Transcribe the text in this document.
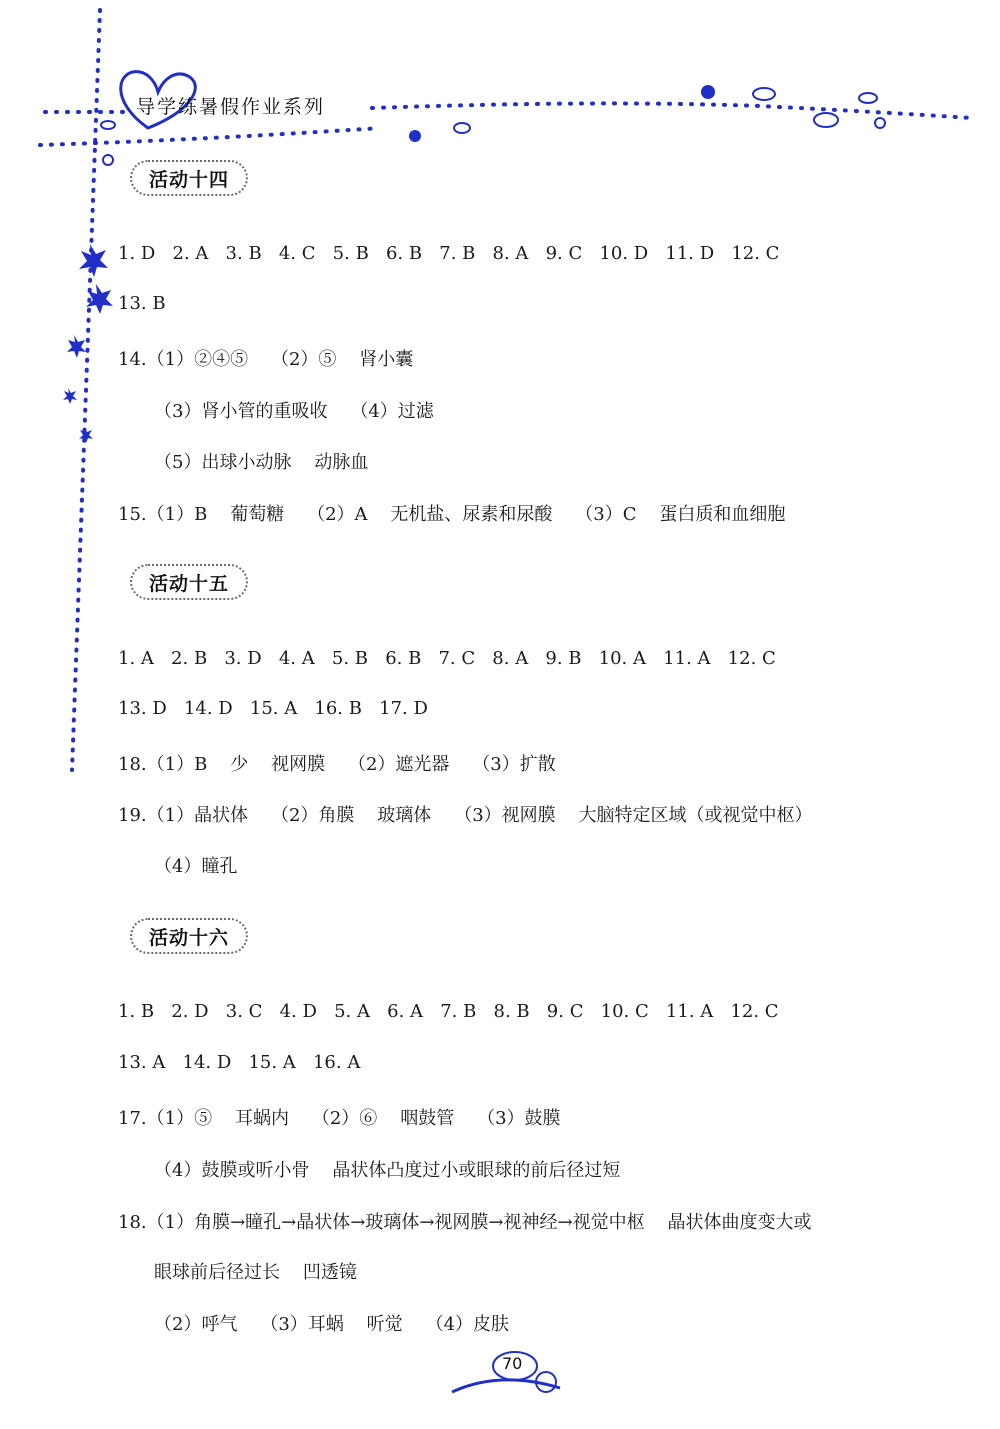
导学练暑假作业系列
活动十四
1. D   2. A   3. B   4. C   5. B   6. B   7. B   8. A   9. C   10. D   11. D   12. C
13. B
14.（1）②④⑤    （2）⑤    肾小囊
（3）肾小管的重吸收    （4）过滤
（5）出球小动脉    动脉血
15.（1）B    葡萄糖    （2）A    无机盐、尿素和尿酸    （3）C    蛋白质和血细胞
活动十五
1. A   2. B   3. D   4. A   5. B   6. B   7. C   8. A   9. B   10. A   11. A   12. C
13. D   14. D   15. A   16. B   17. D
18.（1）B    少    视网膜    （2）遮光器    （3）扩散
19.（1）晶状体    （2）角膜    玻璃体    （3）视网膜    大脑特定区域（或视觉中枢）
（4）瞳孔
活动十六
1. B   2. D   3. C   4. D   5. A   6. A   7. B   8. B   9. C   10. C   11. A   12. C
13. A   14. D   15. A   16. A
17.（1）⑤    耳蜗内    （2）⑥    咽鼓管    （3）鼓膜
（4）鼓膜或听小骨    晶状体凸度过小或眼球的前后径过短
18.（1）角膜→瞳孔→晶状体→玻璃体→视网膜→视神经→视觉中枢    晶状体曲度变大或
眼球前后径过长    凹透镜
（2）呼气    （3）耳蜗    听觉    （4）皮肤
70
